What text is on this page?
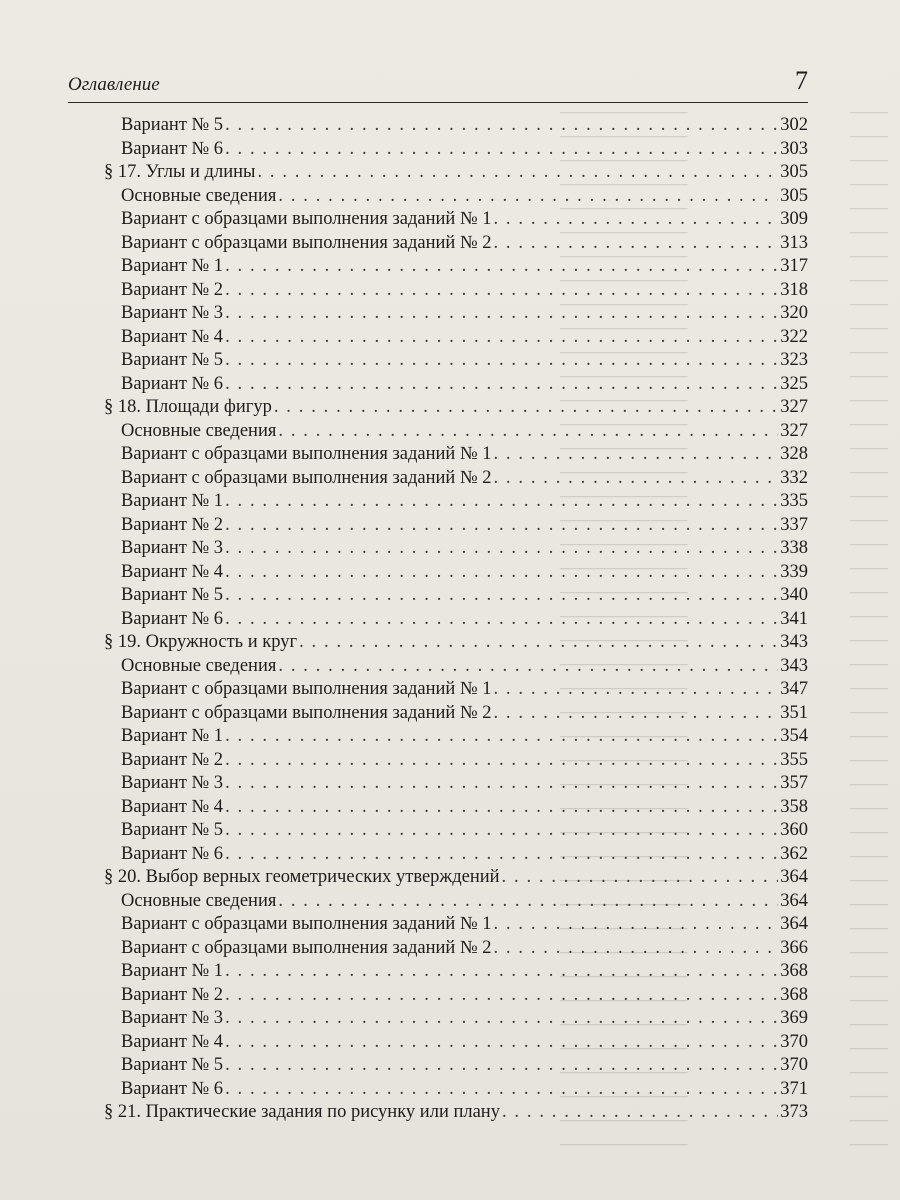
──────────	───
──────────	───
──────────	───
──────────	───
──────────	───
──────────	───
──────────	───
──────────	───
──────────	───
──────────	───
──────────	───
──────────	───
──────────	───
──────────	───
──────────	───
──────────	───
──────────	───
──────────	───
──────────	───
──────────	───
──────────	───
──────────	───
──────────	───
──────────	───
──────────	───
──────────	───
──────────	───
──────────	───
──────────	───
──────────	───
──────────	───
──────────	───
──────────	───
──────────	───
──────────	───
──────────	───
──────────	───
──────────	───
──────────	───
──────────	───
──────────	───
──────────	───
──────────	───
──────────	───
Оглавление	7
Вариант № 5 . . .	302
Вариант № 6 . . .	303
§ 17. Углы и длины . . .	305
Основные сведения . . .	305
Вариант с образцами выполнения заданий № 1 . . .	309
Вариант с образцами выполнения заданий № 2 . . .	313
Вариант № 1 . . .	317
Вариант № 2 . . .	318
Вариант № 3 . . .	320
Вариант № 4 . . .	322
Вариант № 5 . . .	323
Вариант № 6 . . .	325
§ 18. Площади фигур . . .	327
Основные сведения . . .	327
Вариант с образцами выполнения заданий № 1 . . .	328
Вариант с образцами выполнения заданий № 2 . . .	332
Вариант № 1 . . .	335
Вариант № 2 . . .	337
Вариант № 3 . . .	338
Вариант № 4 . . .	339
Вариант № 5 . . .	340
Вариант № 6 . . .	341
§ 19. Окружность и круг . . .	343
Основные сведения . . .	343
Вариант с образцами выполнения заданий № 1 . . .	347
Вариант с образцами выполнения заданий № 2 . . .	351
Вариант № 1 . . .	354
Вариант № 2 . . .	355
Вариант № 3 . . .	357
Вариант № 4 . . .	358
Вариант № 5 . . .	360
Вариант № 6 . . .	362
§ 20. Выбор верных геометрических утверждений . . .	364
Основные сведения . . .	364
Вариант с образцами выполнения заданий № 1 . . .	364
Вариант с образцами выполнения заданий № 2 . . .	366
Вариант № 1 . . .	368
Вариант № 2 . . .	368
Вариант № 3 . . .	369
Вариант № 4 . . .	370
Вариант № 5 . . .	370
Вариант № 6 . . .	371
§ 21. Практические задания по рисунку или плану . . .	373
